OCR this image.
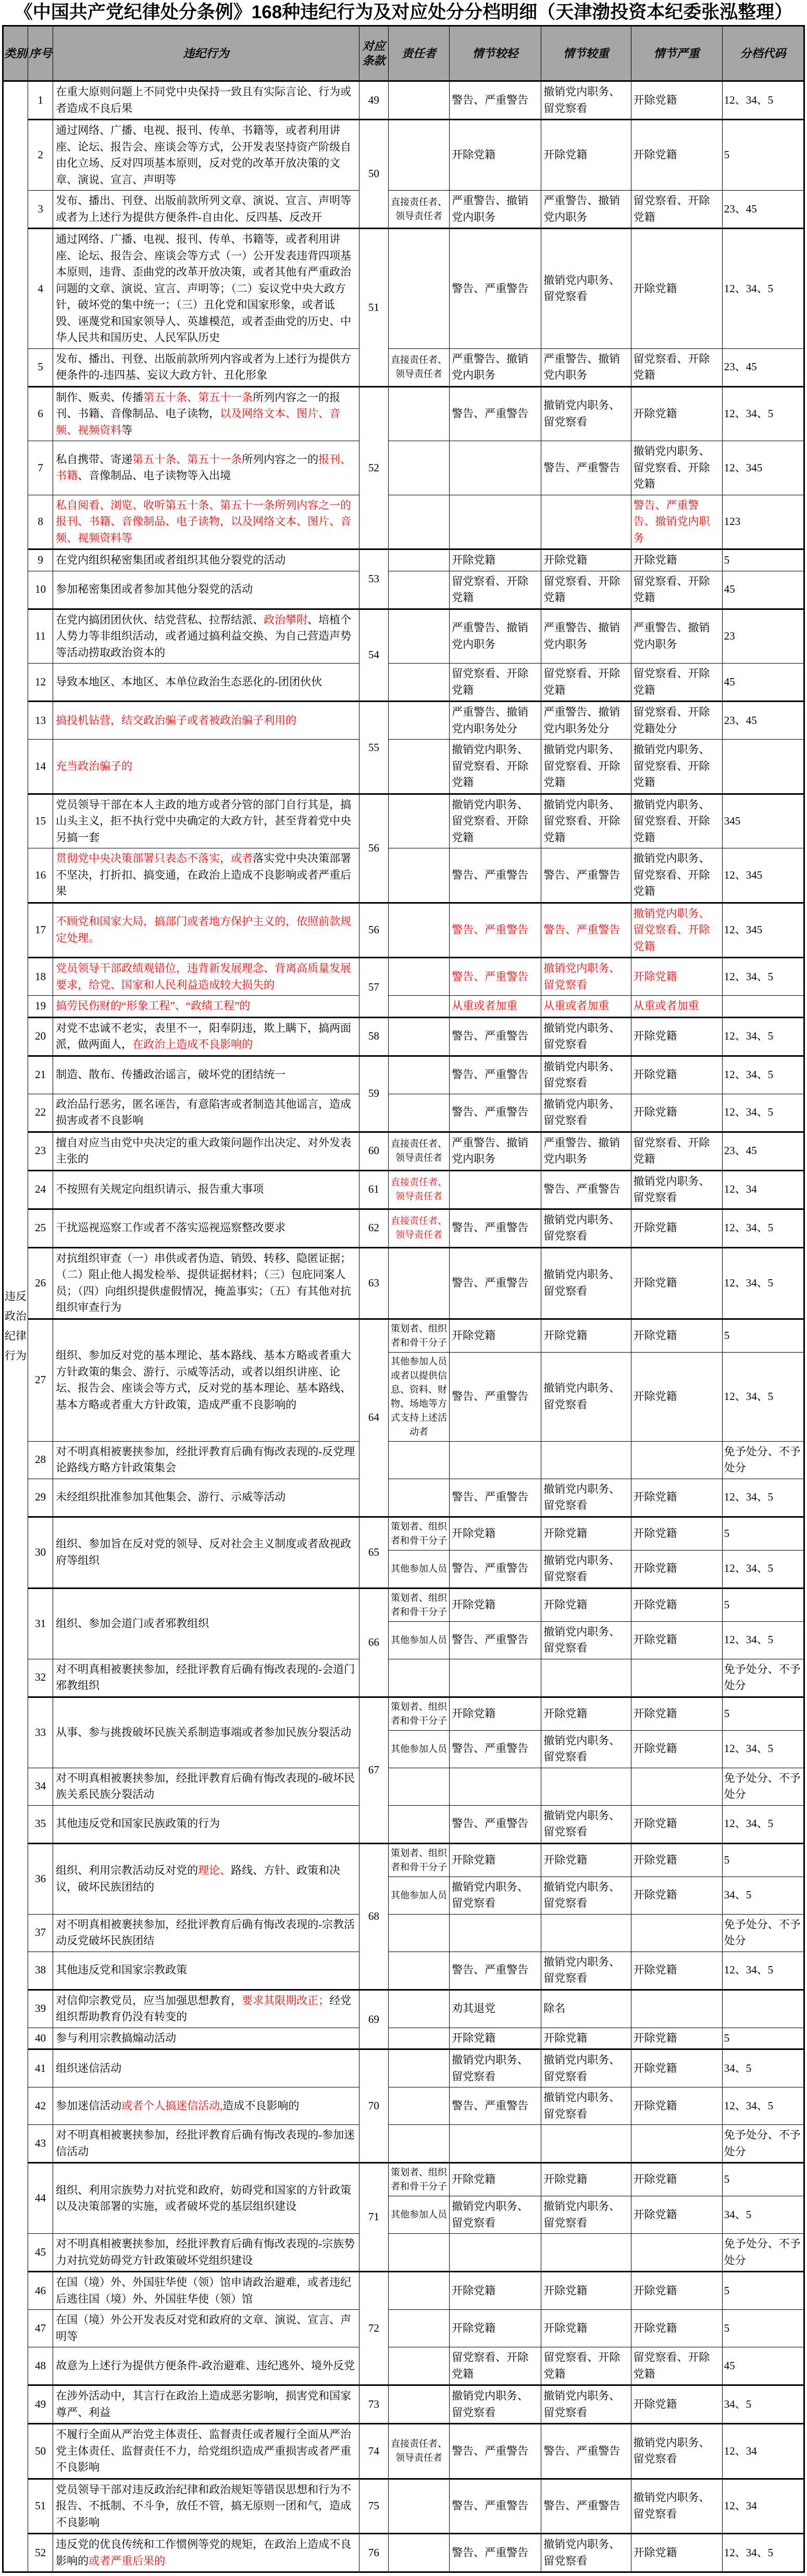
《中国共产党纪律处分条例》168种违纪行为及对应处分分档明细（天津渤投资本纪委张泓整理）
类别	序号	违纪行为	对应条款	责任者	情节较轻	情节较重	情节严重	分档代码
违反政治纪律行为	1	在重大原则问题上不同党中央保持一致且有实际言论、行为或者造成不良后果	49		警告、严重警告	撤销党内职务、留党察看	开除党籍	12、34、5
	2	通过网络、广播、电视、报刊、传单、书籍等，或者利用讲座、论坛、报告会、座谈会等方式，公开发表坚持资产阶级自由化立场、反对四项基本原则，反对党的改革开放决策的文章、演说、宣言、声明等	50		开除党籍	开除党籍	开除党籍	5
	3	发布、播出、刊登、出版前款所列文章、演说、宣言、声明等或者为上述行为提供方便条件-自由化、反四基、反改开		直接责任者、领导责任者	严重警告、撤销党内职务	严重警告、撤销党内职务	留党察看、开除党籍	23、45
	4	通过网络、广播、电视、报刊、传单、书籍等，或者利用讲座、论坛、报告会、座谈会等方式（一）公开发表违背四项基本原则，违背、歪曲党的改革开放决策，或者其他有严重政治问题的文章、演说、宣言、声明等；（二）妄议党中央大政方针，破坏党的集中统一；（三）丑化党和国家形象，或者诋毁、诬蔑党和国家领导人、英雄模范，或者歪曲党的历史、中华人民共和国历史、人民军队历史	51		警告、严重警告	撤销党内职务、留党察看	开除党籍	12、34、5
	5	发布、播出、刊登、出版前款所列内容或者为上述行为提供方便条件的-违四基、妄议大政方针、丑化形象		直接责任者、领导责任者	严重警告、撤销党内职务	严重警告、撤销党内职务	留党察看、开除党籍	23、45
	6	制作、贩卖、传播第五十条、第五十一条所列内容之一的报刊、书籍、音像制品、电子读物，以及网络文本、图片、音频、视频资料等	52		警告、严重警告	撤销党内职务、留党察看	开除党籍	12、34、5
	7	私自携带、寄递第五十条、第五十一条所列内容之一的报刊、书籍、音像制品、电子读物等入出境				警告、严重警告	撤销党内职务、留党察看、开除党籍	12、345
	8	私自阅看、浏览、收听第五十条、第五十一条所列内容之一的报刊、书籍、音像制品、电子读物，以及网络文本、图片、音频、视频资料等					警告、严重警告、撤销党内职务	123
	9	在党内组织秘密集团或者组织其他分裂党的活动	53		开除党籍	开除党籍	开除党籍	5
	10	参加秘密集团或者参加其他分裂党的活动			留党察看、开除党籍	留党察看、开除党籍	留党察看、开除党籍	45
	11	在党内搞团团伙伙、结党营私、拉帮结派、政治攀附、培植个人势力等非组织活动，或者通过搞利益交换、为自己营造声势等活动捞取政治资本的	54		严重警告、撤销党内职务	严重警告、撤销党内职务	严重警告、撤销党内职务	23
	12	导致本地区、本地区、本单位政治生态恶化的-团团伙伙			留党察看、开除党籍	留党察看、开除党籍	留党察看、开除党籍	45
	13	搞投机钻营，结交政治骗子或者被政治骗子利用的	55		严重警告、撤销党内职务处分	严重警告、撤销党内职务处分	留党察看、开除党籍处分	23、45
	14	充当政治骗子的			撤销党内职务、留党察看、开除党籍	撤销党内职务、留党察看、开除党籍	撤销党内职务、留党察看、开除党籍	
	15	党员领导干部在本人主政的地方或者分管的部门自行其是，搞山头主义，拒不执行党中央确定的大政方针，甚至背着党中央另搞一套	56		撤销党内职务、留党察看、开除党籍	撤销党内职务、留党察看、开除党籍	撤销党内职务、留党察看、开除党籍	345
	16	贯彻党中央决策部署只表态不落实，或者落实党中央决策部署不坚决，打折扣、搞变通，在政治上造成不良影响或者严重后果			警告、严重警告	警告、严重警告	撤销党内职务、留党察看、开除党籍	12、345
	17	不顾党和国家大局，搞部门或者地方保护主义的，依照前款规定处理。	56		警告、严重警告	警告、严重警告	撤销党内职务、留党察看、开除党籍	12、345
	18	党员领导干部政绩观错位，违背新发展理念、背离高质量发展要求，给党、国家和人民利益造成较大损失的	57		警告、严重警告	撤销党内职务、留党察看	开除党籍	12、34、5
	19	搞劳民伤财的“形象工程”、“政绩工程”的			从重或者加重	从重或者加重	从重或者加重	
	20	对党不忠诚不老实，表里不一，阳奉阴违，欺上瞒下，搞两面派，做两面人，在政治上造成不良影响的	58		警告、严重警告	撤销党内职务、留党察看	开除党籍	12、34、5
	21	制造、散布、传播政治谣言，破坏党的团结统一	59		警告、严重警告	撤销党内职务、留党察看	开除党籍	12、34、5
	22	政治品行恶劣，匿名诬告，有意陷害或者制造其他谣言，造成损害或者不良影响			警告、严重警告	撤销党内职务、留党察看	开除党籍	12、34、5
	23	擅自对应当由党中央决定的重大政策问题作出决定、对外发表主张的	60	直接责任者、领导责任者	严重警告、撤销党内职务	严重警告、撤销党内职务	留党察看、开除党籍	23、45
	24	不按照有关规定向组织请示、报告重大事项	61	直接责任者、领导责任者		警告、严重警告	撤销党内职务、留党察看	12、34
	25	干扰巡视巡察工作或者不落实巡视巡察整改要求	62	直接责任者、领导责任者	警告、严重警告	撤销党内职务、留党察看	开除党籍	12、34、5
	26	对抗组织审查（一）串供或者伪造、销毁、转移、隐匿证据；（二）阻止他人揭发检举、提供证据材料；（三）包庇同案人员；（四）向组织提供虚假情况，掩盖事实；（五）有其他对抗组织审查行为	63		警告、严重警告	撤销党内职务、留党察看	开除党籍	12、34、5
	27	组织、参加反对党的基本理论、基本路线、基本方略或者重大方针政策的集会、游行、示威等活动，或者以组织讲座、论坛、报告会、座谈会等方式，反对党的基本理论、基本路线、基本方略或者重大方针政策，造成严重不良影响的	64	策划者、组织者和骨干分子	开除党籍	开除党籍	开除党籍	5
				其他参加人员或者以提供信息、资料、财物、场地等方式支持上述活动者	警告、严重警告	撤销党内职务、留党察看	开除党籍	12、34、5
	28	对不明真相被裹挟参加，经批评教育后确有悔改表现的-反党理论路线方略方针政策集会						免予处分、不予处分
	29	未经组织批准参加其他集会、游行、示威等活动			警告、严重警告	撤销党内职务、留党察看	开除党籍	12、34、5
	30	组织、参加旨在反对党的领导、反对社会主义制度或者敌视政府等组织	65	策划者、组织者和骨干分子	开除党籍	开除党籍	开除党籍	5
				其他参加人员	警告、严重警告	撤销党内职务、留党察看	开除党籍	12、34、5
	31	组织、参加会道门或者邪教组织	66	策划者、组织者和骨干分子	开除党籍	开除党籍	开除党籍	5
				其他参加人员	警告、严重警告	撤销党内职务、留党察看	开除党籍	12、34、5
	32	对不明真相被裹挟参加，经批评教育后确有悔改表现的-会道门邪教组织						免予处分、不予处分
	33	从事、参与挑拨破坏民族关系制造事端或者参加民族分裂活动	67	策划者、组织者和骨干分子	开除党籍	开除党籍	开除党籍	5
				其他参加人员	警告、严重警告	撤销党内职务、留党察看	开除党籍	12、34、5
	34	对不明真相被裹挟参加，经批评教育后确有悔改表现的-破坏民族关系民族分裂活动						免予处分、不予处分
	35	其他违反党和国家民族政策的行为			警告、严重警告	撤销党内职务、留党察看	开除党籍	12、34、5
	36	组织、利用宗教活动反对党的理论、路线、方针、政策和决议，破坏民族团结的	68	策划者、组织者和骨干分子	开除党籍	开除党籍	开除党籍	5
				其他参加人员	撤销党内职务、留党察看	撤销党内职务、留党察看	开除党籍	34、5
	37	对不明真相被裹挟参加，经批评教育后确有悔改表现的-宗教活动反党破坏民族团结						免予处分、不予处分
	38	其他违反党和国家宗教政策			警告、严重警告	撤销党内职务、留党察看	开除党籍	12、34、5
	39	对信仰宗教党员，应当加强思想教育，要求其限期改正；经党组织帮助教育仍没有转变的	69		劝其退党	除名		
	40	参与利用宗教搞煽动活动			开除党籍	开除党籍	开除党籍	5
	41	组织迷信活动	70		撤销党内职务、留党察看	撤销党内职务、留党察看	开除党籍	34、5
	42	参加迷信活动或者个人搞迷信活动,造成不良影响的			警告、严重警告	撤销党内职务、留党察看	开除党籍	12、34、5
	43	对不明真相被裹挟参加，经批评教育后确有悔改表现的-参加迷信活动						免予处分、不予处分
	44	组织、利用宗族势力对抗党和政府，妨碍党和国家的方针政策以及决策部署的实施，或者破坏党的基层组织建设	71	策划者、组织者和骨干分子	开除党籍	开除党籍	开除党籍	5
				其他参加人员	撤销党内职务、留党察看	撤销党内职务、留党察看	开除党籍	34、5
	45	对不明真相被裹挟参加，经批评教育后确有悔改表现的-宗族势力对抗党妨碍党方针政策破坏党组织建设						免予处分、不予处分
	46	在国（境）外、外国驻华使（领）馆申请政治避难，或者违纪后逃往国（境）外、外国驻华使（领）馆	72		开除党籍	开除党籍	开除党籍	5
	47	在国（境）外公开发表反对党和政府的文章、演说、宣言、声明等			开除党籍	开除党籍	开除党籍	5
	48	故意为上述行为提供方便条件-政治避难、违纪逃外、境外反党			留党察看、开除党籍	留党察看、开除党籍	留党察看、开除党籍	45
	49	在涉外活动中，其言行在政治上造成恶劣影响，损害党和国家尊严、利益	73		撤销党内职务、留党察看	撤销党内职务、留党察看	开除党籍	34、5
	50	不履行全面从严治党主体责任、监督责任或者履行全面从严治党主体责任、监督责任不力，给党组织造成严重损害或者严重不良影响	74	直接责任者、领导责任者	警告、严重警告	警告、严重警告	撤销党内职务、留党察看	12、34
	51	党员领导干部对违反政治纪律和政治规矩等错误思想和行为不报告、不抵制、不斗争，放任不管，搞无原则一团和气，造成不良影响	75		警告、严重警告	警告、严重警告	撤销党内职务、留党察看	12、34
	52	违反党的优良传统和工作惯例等党的规矩，在政治上造成不良影响的或者严重后果的	76		警告、严重警告	撤销党内职务、留党察看	开除党籍	12、34、5
